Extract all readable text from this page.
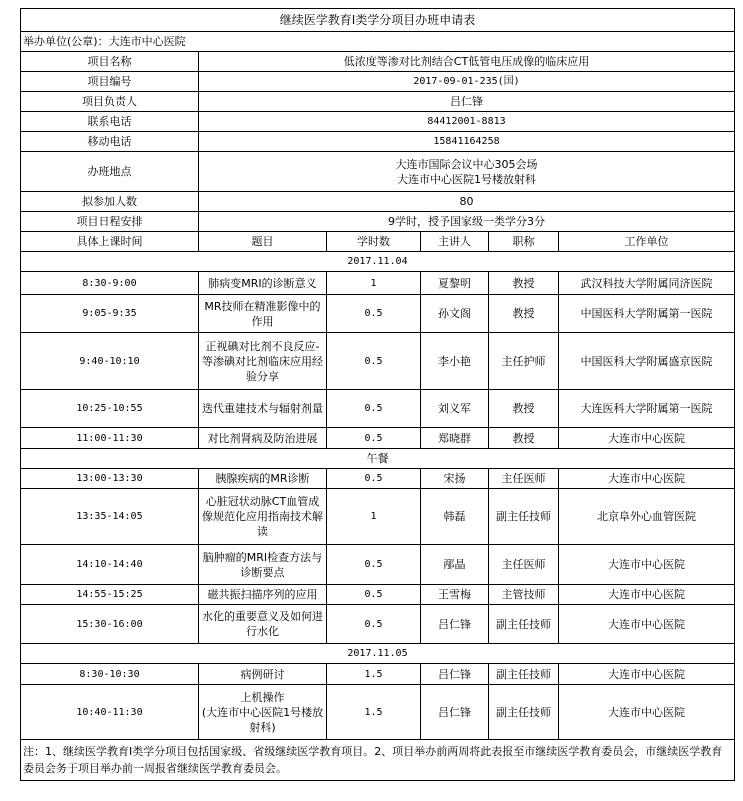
继续医学教育I类学分项目办班申请表					
举办单位(公章)：大连市中心医院					
项目名称	低浓度等渗对比剂结合CT低管电压成像的临床应用				
项目编号	2017-09-01-235(国)				
项目负责人	吕仁锋				
联系电话	84412001-8813				
移动电话	15841164258				
办班地点	大连市国际会议中心305会场
大连市中心医院1号楼放射科				

拟参加人数	80				
项目日程安排	9学时，授予国家级一类学分3分				
具体上课时间	题目	学时数	主讲人	职称	工作单位
2017.11.04					
8:30-9:00	肺病变MRI的诊断意义	1	夏黎明	教授	武汉科技大学附属同济医院
9:05-9:35	MR技师在精准影像中的作用	0.5	孙文阁	教授	中国医科大学附属第一医院
9:40-10:10	正视碘对比剂不良反应-等渗碘对比剂临床应用经验分享	0.5	李小艳	主任护师	中国医科大学附属盛京医院
10:25-10:55	迭代重建技术与辐射剂量	0.5	刘义军	教授	大连医科大学附属第一医院
11:00-11:30	对比剂肾病及防治进展	0.5	郑晓群	教授	大连市中心医院
午餐					
13:00-13:30	胰腺疾病的MR诊断	0.5	宋扬	主任医师	大连市中心医院
13:35-14:05	心脏冠状动脉CT血管成像规范化应用指南技术解读	1	韩磊	副主任技师	北京阜外心血管医院
14:10-14:40	脑肿瘤的MRI检查方法与诊断要点	0.5	邴晶	主任医师	大连市中心医院
14:55-15:25	磁共振扫描序列的应用	0.5	王雪梅	主管技师	大连市中心医院
15:30-16:00	水化的重要意义及如何进行水化	0.5	吕仁锋	副主任技师	大连市中心医院
2017.11.05					
8:30-10:30	病例研讨	1.5	吕仁锋	副主任技师	大连市中心医院
10:40-11:30	上机操作
(大连市中心医院1号楼放射科)	1.5	吕仁锋	副主任技师	大连市中心医院
注：1、继续医学教育Ⅰ类学分项目包括国家级、省级继续医学教育项目。2、项目举办前两周将此表报至市继续医学教育委员会，市继续医学教育委员会务于项目举办前一周报省继续医学教育委员会。					
